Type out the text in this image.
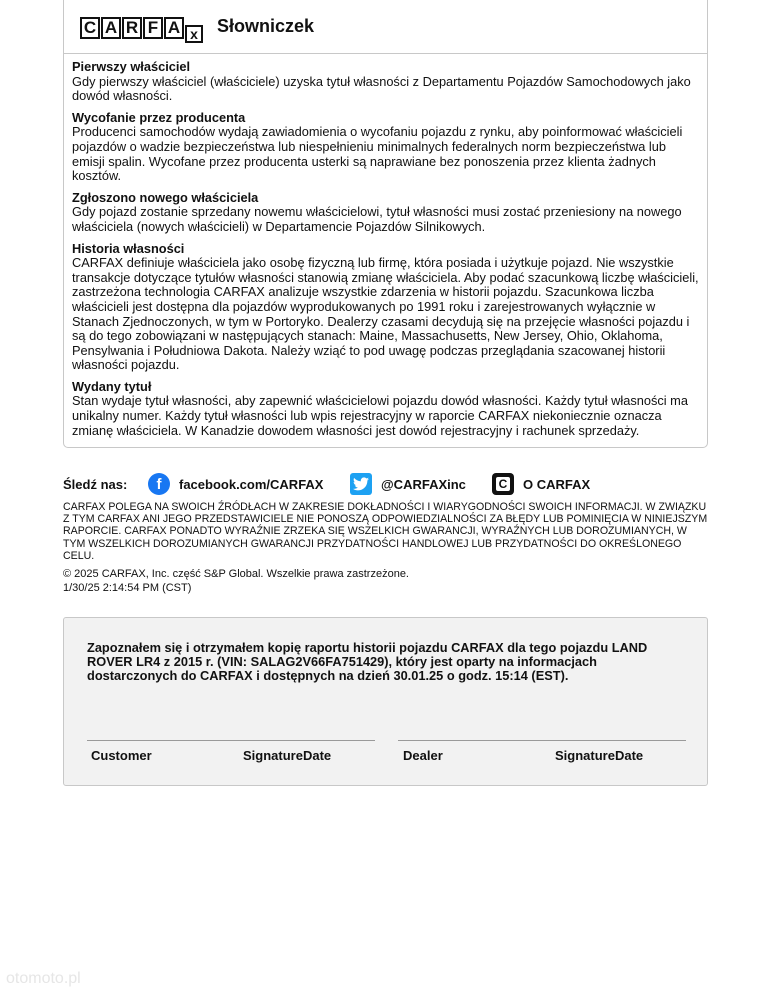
C A R F A x Słowniczek
Pierwszy właściciel
Gdy pierwszy właściciel (właściciele) uzyska tytuł własności z Departamentu Pojazdów Samochodowych jako dowód własności.
Wycofanie przez producenta
Producenci samochodów wydają zawiadomienia o wycofaniu pojazdu z rynku, aby poinformować właścicieli pojazdów o wadzie bezpieczeństwa lub niespełnieniu minimalnych federalnych norm bezpieczeństwa lub emisji spalin. Wycofane przez producenta usterki są naprawiane bez ponoszenia przez klienta żadnych kosztów.
Zgłoszono nowego właściciela
Gdy pojazd zostanie sprzedany nowemu właścicielowi, tytuł własności musi zostać przeniesiony na nowego właściciela (nowych właścicieli) w Departamencie Pojazdów Silnikowych.
Historia własności
CARFAX definiuje właściciela jako osobę fizyczną lub firmę, która posiada i użytkuje pojazd. Nie wszystkie transakcje dotyczące tytułów własności stanowią zmianę właściciela. Aby podać szacunkową liczbę właścicieli, zastrzeżona technologia CARFAX analizuje wszystkie zdarzenia w historii pojazdu. Szacunkowa liczba właścicieli jest dostępna dla pojazdów wyprodukowanych po 1991 roku i zarejestrowanych wyłącznie w Stanach Zjednoczonych, w tym w Portoryko. Dealerzy czasami decydują się na przejęcie własności pojazdu i są do tego zobowiązani w następujących stanach: Maine, Massachusetts, New Jersey, Ohio, Oklahoma, Pensylwania i Południowa Dakota. Należy wziąć to pod uwagę podczas przeglądania szacowanej historii własności pojazdu.
Wydany tytuł
Stan wydaje tytuł własności, aby zapewnić właścicielowi pojazdu dowód własności. Każdy tytuł własności ma unikalny numer. Każdy tytuł własności lub wpis rejestracyjny w raporcie CARFAX niekoniecznie oznacza zmianę właściciela. W Kanadzie dowodem własności jest dowód rejestracyjny i rachunek sprzedaży.
Śledź nas:	f	facebook.com/CARFAX	@CARFAXinc	C O CARFAX
CARFAX POLEGA NA SWOICH ŹRÓDŁACH W ZAKRESIE DOKŁADNOŚCI I WIARYGODNOŚCI SWOICH INFORMACJI. W ZWIĄZKU Z TYM CARFAX ANI JEGO PRZEDSTAWICIELE NIE PONOSZĄ ODPOWIEDZIALNOŚCI ZA BŁĘDY LUB POMINIĘCIA W NINIEJSZYM RAPORCIE. CARFAX PONADTO WYRAŹNIE ZRZEKA SIĘ WSZELKICH GWARANCJI, WYRAŹNYCH LUB DOROZUMIANYCH, W TYM WSZELKICH DOROZUMIANYCH GWARANCJI PRZYDATNOŚCI HANDLOWEJ LUB PRZYDATNOŚCI DO OKREŚLONEGO CELU.
© 2025 CARFAX, Inc. część S&P Global. Wszelkie prawa zastrzeżone.
1/30/25 2:14:54 PM (CST)
Zapoznałem się i otrzymałem kopię raportu historii pojazdu CARFAX dla tego pojazdu LAND ROVER LR4 z 2015 r. (VIN: SALAG2V66FA751429), który jest oparty na informacjach dostarczonych do CARFAX i dostępnych na dzień 30.01.25 o godz. 15:14 (EST).
Customer	SignatureDate	Dealer	SignatureDate
otomoto.pl
